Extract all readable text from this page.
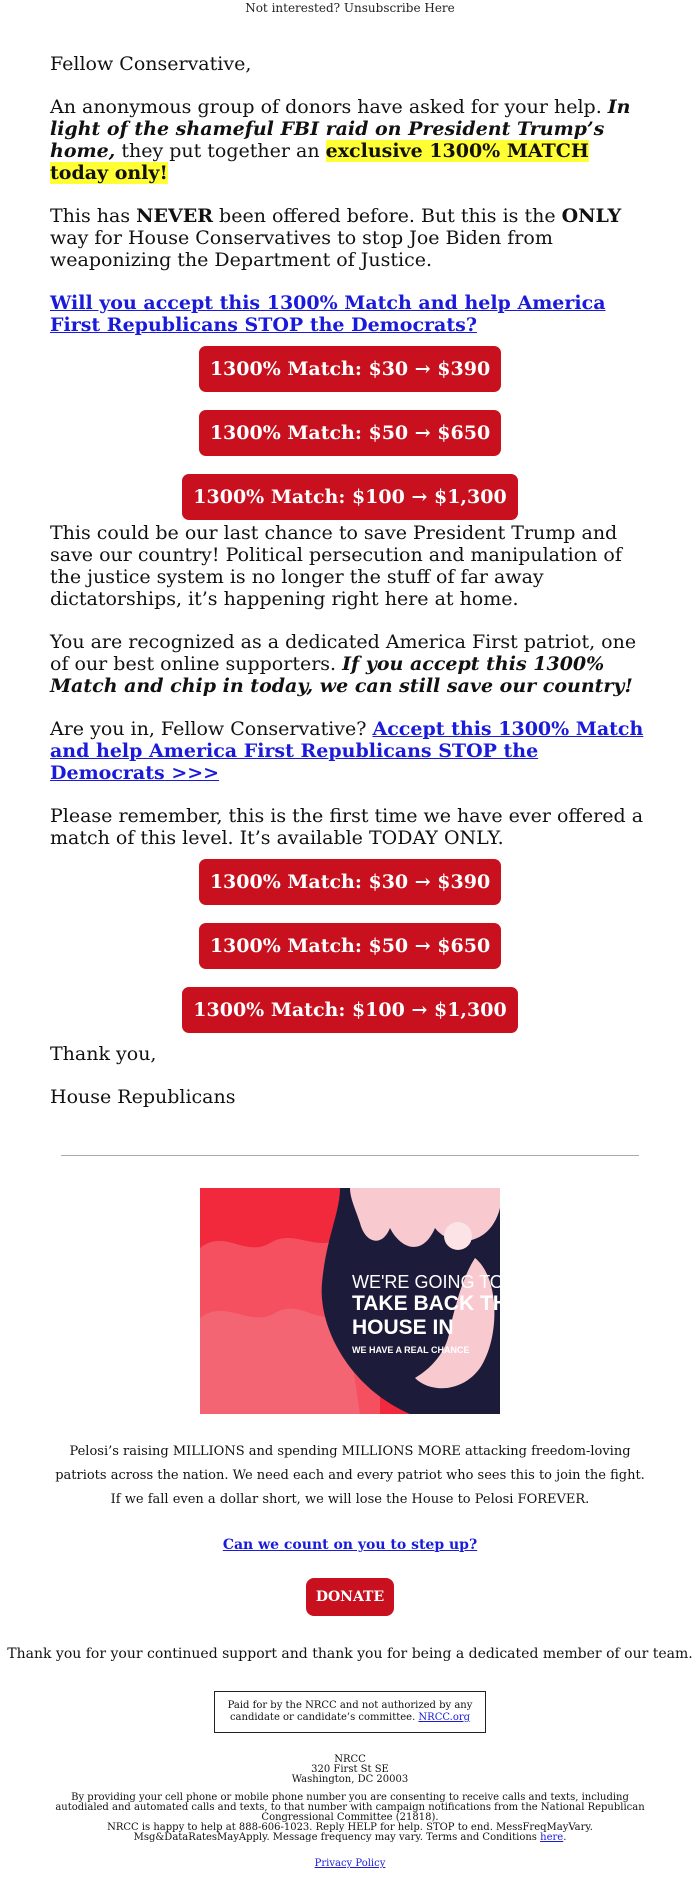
Not interested? Unsubscribe Here

Fellow Conservative,

An anonymous group of donors have asked for your help. In light of the shameful FBI raid on President Trump’s home, they put together an exclusive 1300% MATCH today only!

This has NEVER been offered before. But this is the ONLY way for House Conservatives to stop Joe Biden from weaponizing the Department of Justice.

Will you accept this 1300% Match and help America First Republicans STOP the Democrats?

1300% Match: $30 → $390
1300% Match: $50 → $650
1300% Match: $100 → $1,300

This could be our last chance to save President Trump and save our country! Political persecution and manipulation of the justice system is no longer the stuff of far away dictatorships, it’s happening right here at home.

You are recognized as a dedicated America First patriot, one of our best online supporters. If you accept this 1300% Match and chip in today, we can still save our country!

Are you in, Fellow Conservative? Accept this 1300% Match and help America First Republicans STOP the Democrats >>>

Please remember, this is the first time we have ever offered a match of this level. It’s available TODAY ONLY.

1300% Match: $30 → $390
1300% Match: $50 → $650
1300% Match: $100 → $1,300

Thank you,

House Republicans

WE'RE GOING TO
TAKE BACK THE
HOUSE IN
WE HAVE A REAL CHANCE
Pelosi’s raising MILLIONS and spending MILLIONS MORE attacking freedom-loving patriots across the nation. We need each and every patriot who sees this to join the fight. If we fall even a dollar short, we will lose the House to Pelosi FOREVER.
Can we count on you to step up?
DONATE
Thank you for your continued support and thank you for being a dedicated member of our team.
Paid for by the NRCC and not authorized by any candidate or candidate’s committee. NRCC.org
NRCC
320 First St SE
Washington, DC 20003
By providing your cell phone or mobile phone number you are consenting to receive calls and texts, including autodialed and automated calls and texts, to that number with campaign notifications from the National Republican Congressional Committee (21818).
NRCC is happy to help at 888-606-1023. Reply HELP for help. STOP to end. MessFreqMayVary. Msg&DataRatesMayApply. Message frequency may vary. Terms and Conditions here.
Privacy Policy
